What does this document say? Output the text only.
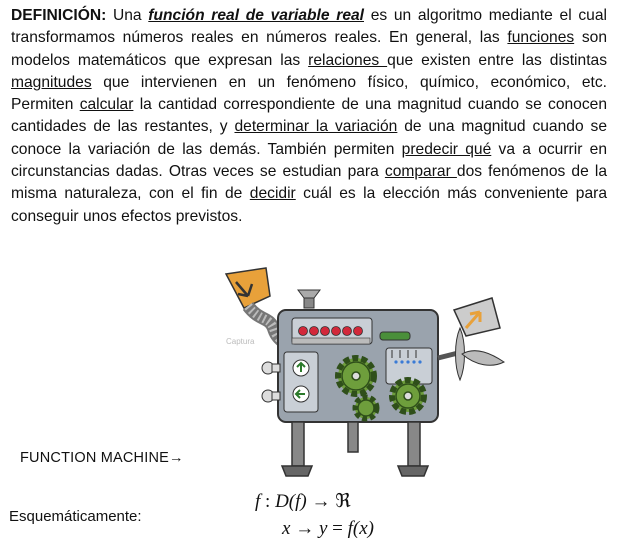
DEFINICIÓN: Una función real de variable real es un algoritmo mediante el cual transformamos números reales en números reales. En general, las funciones son modelos matemáticos que expresan las relaciones que existen entre las distintas magnitudes que intervienen en un fenómeno físico, químico, económico, etc. Permiten calcular la cantidad correspondiente de una magnitud cuando se conocen cantidades de las restantes, y determinar la variación de una magnitud cuando se conoce la variación de las demás. También permiten predecir qué va a ocurrir en circunstancias dadas. Otras veces se estudian para comparar dos fenómenos de la misma naturaleza, con el fin de decidir cuál es la elección más conveniente para conseguir unos efectos previstos.
Captura
FUNCTION MACHINE→
Esquemáticamente:
f : D(f) → ℜ
x → y = f(x)
